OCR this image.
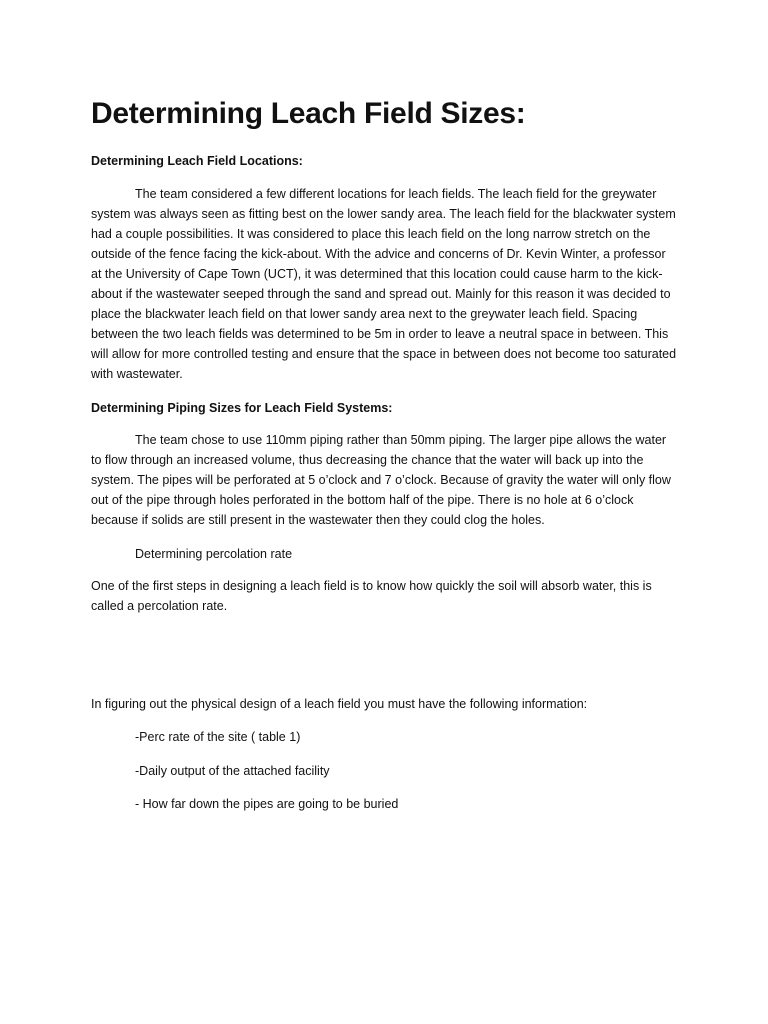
Determining Leach Field Sizes:
Determining Leach Field Locations:

The team considered a few different locations for leach fields. The leach field for the greywater system was always seen as fitting best on the lower sandy area. The leach field for the blackwater system had a couple possibilities. It was considered to place this leach field on the long narrow stretch on the outside of the fence facing the kick-about. With the advice and concerns of Dr. Kevin Winter, a professor at the University of Cape Town (UCT), it was determined that this location could cause harm to the kick-about if the wastewater seeped through the sand and spread out. Mainly for this reason it was decided to place the blackwater leach field on that lower sandy area next to the greywater leach field. Spacing between the two leach fields was determined to be 5m in order to leave a neutral space in between. This will allow for more controlled testing and ensure that the space in between does not become too saturated with wastewater.

Determining Piping Sizes for Leach Field Systems:

The team chose to use 110mm piping rather than 50mm piping. The larger pipe allows the water to flow through an increased volume, thus decreasing the chance that the water will back up into the system. The pipes will be perforated at 5 o’clock and 7 o’clock. Because of gravity the water will only flow out of the pipe through holes perforated in the bottom half of the pipe. There is no hole at 6 o’clock because if solids are still present in the wastewater then they could clog the holes.

Determining percolation rate

One of the first steps in designing a leach field is to know how quickly the soil will absorb water, this is called a percolation rate.

In figuring out the physical design of a leach field you must have the following information:

-Perc rate of the site ( table 1)

-Daily output of the attached facility

- How far down the pipes are going to be buried
